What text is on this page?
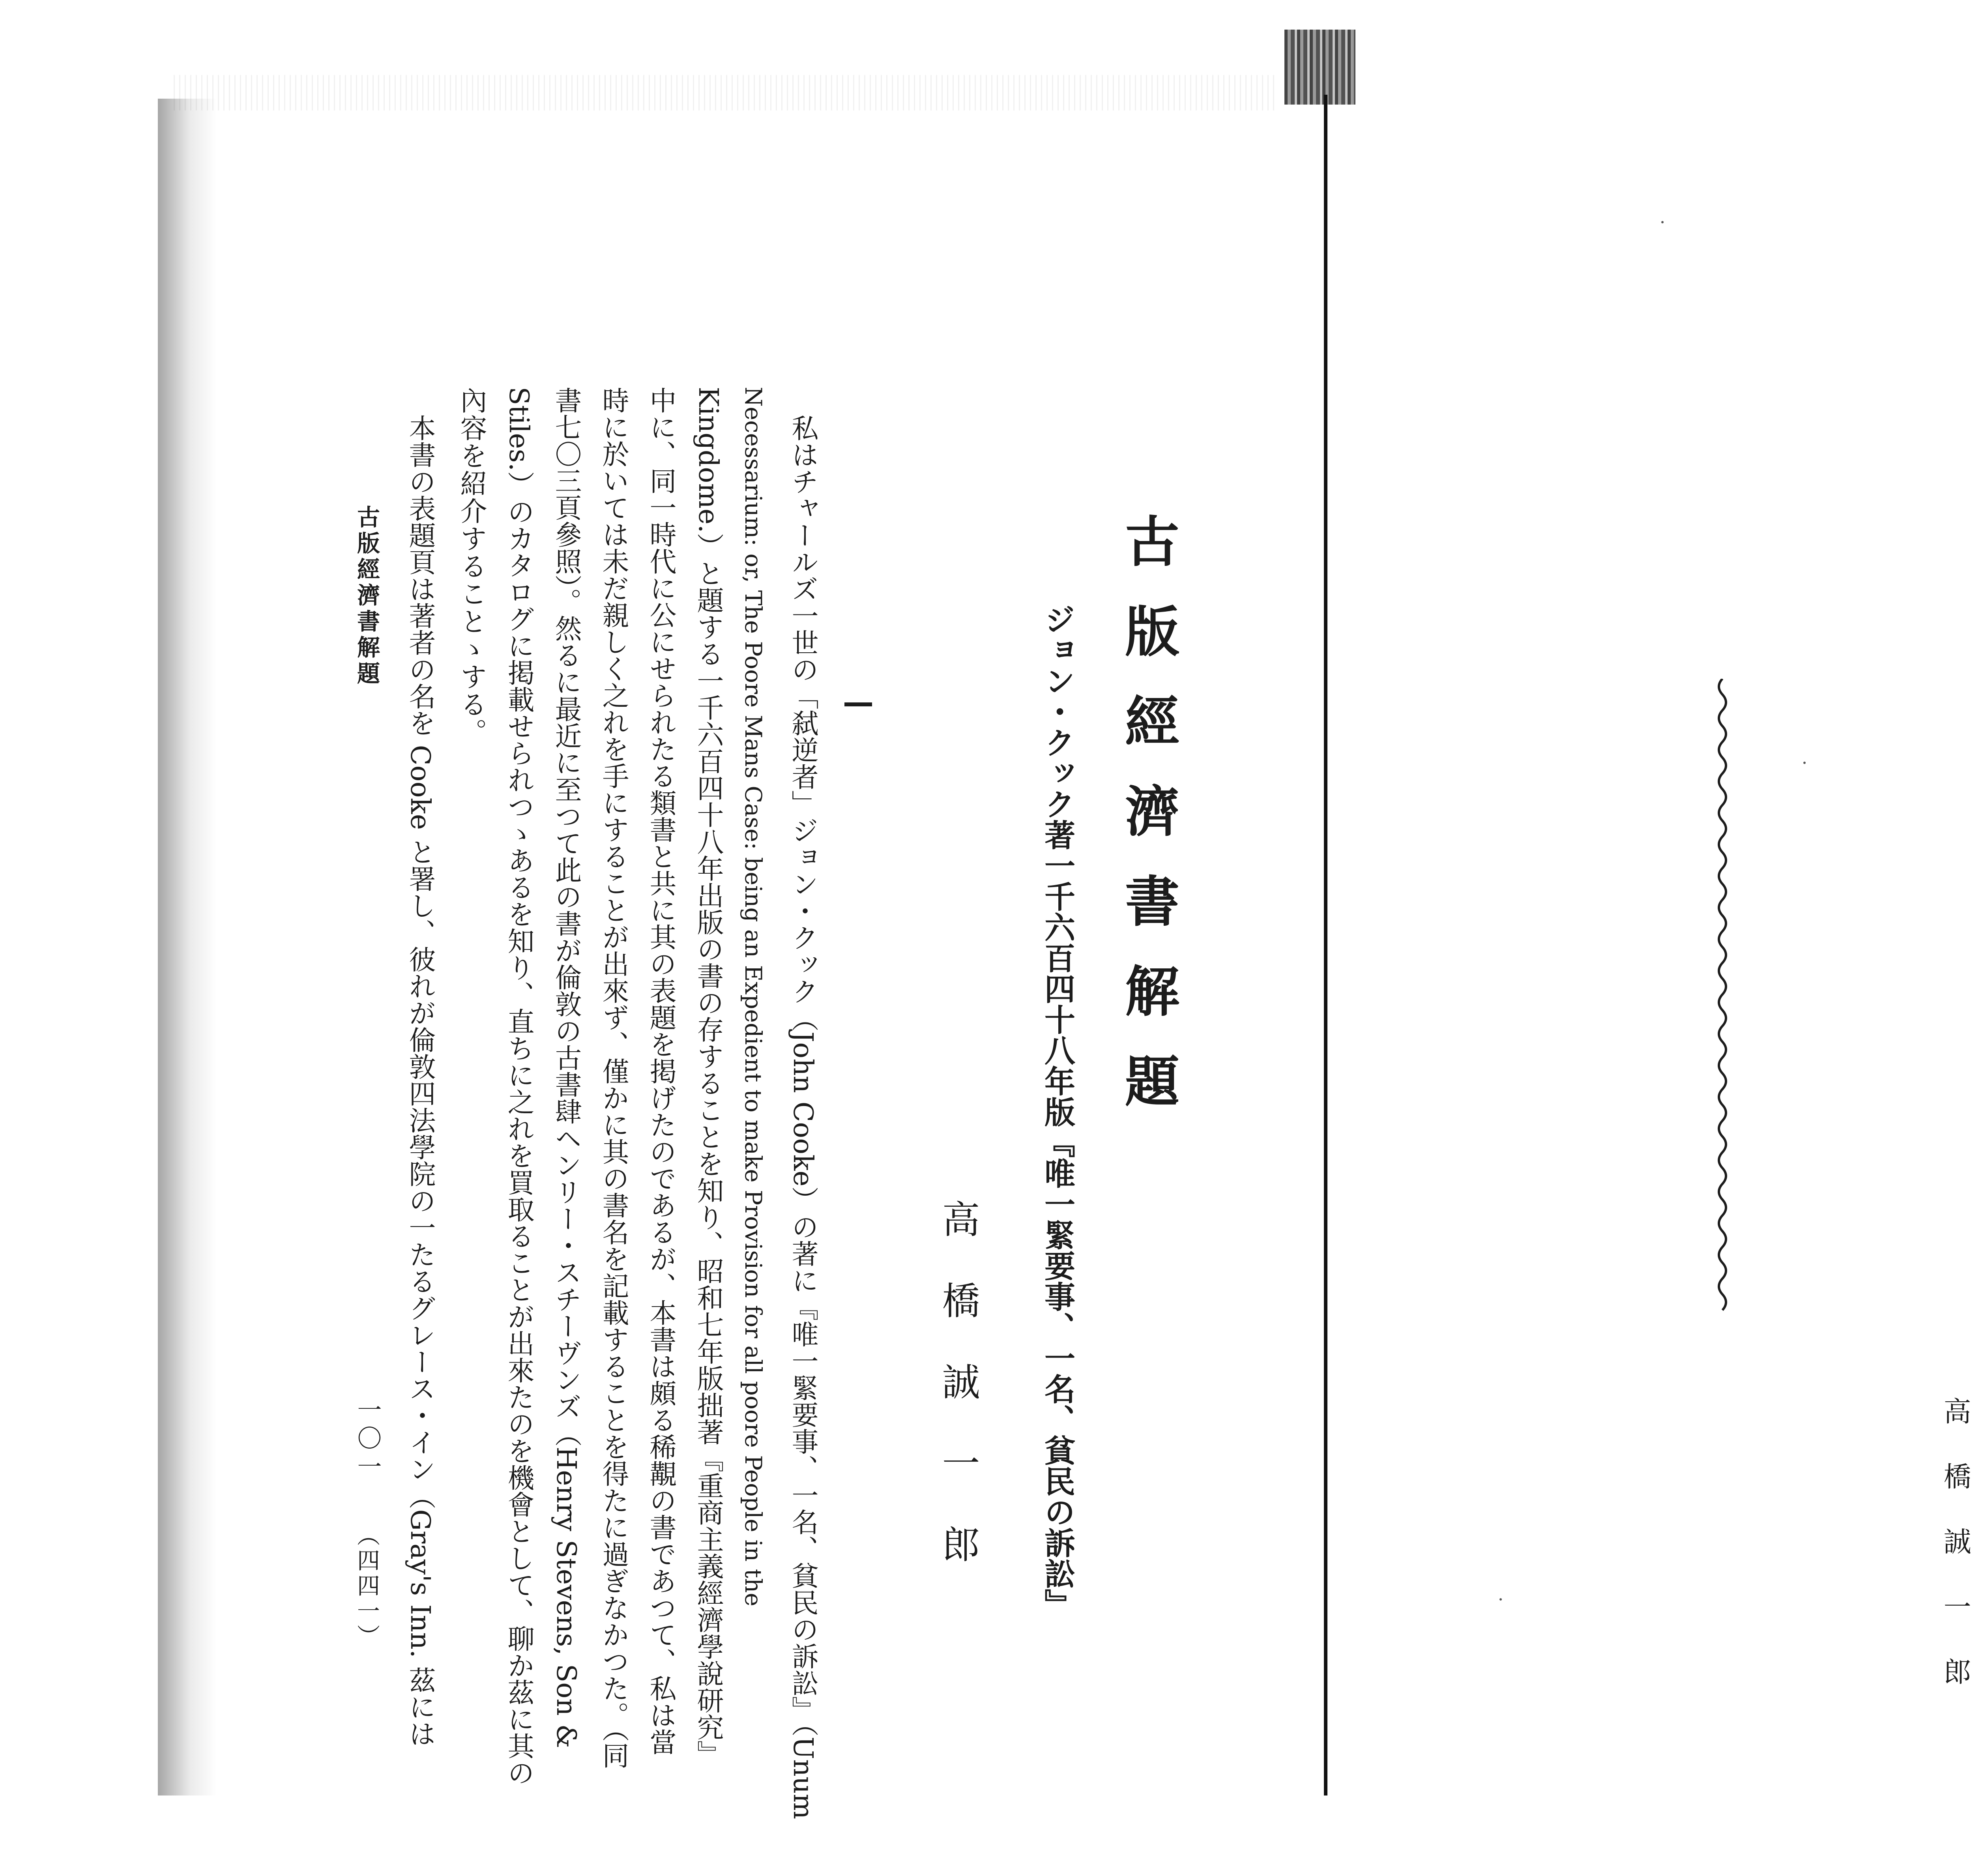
高橋誠一郎
古版經濟書解題
ジョン・クック著一千六百四十八年版『唯一緊要事、一名、貧民の訴訟』
高橋誠一郎
私はチャールズ一世の「弑逆者」ジョン・クック（John Cooke）の著に『唯一緊要事、一名、貧民の訴訟』（Unum
Necessarium: or, The Poore Mans Case: being an Expedient to make Provision for all poore People in the
Kingdome.）と題する一千六百四十八年出版の書の存することを知り、昭和七年版拙著『重商主義經濟學說研究』
中に、同一時代に公にせられたる類書と共に其の表題を掲げたのであるが、本書は頗る稀覯の書であつて、私は當
時に於いては未だ親しく之れを手にすることが出來ず、僅かに其の書名を記載することを得たに過ぎなかつた。（同
書七〇三頁參照）。然るに最近に至つて此の書が倫敦の古書肆ヘンリー・スチーヴンズ（Henry Stevens, Son &
Stiles.）のカタログに掲載せられつゝあるを知り、直ちに之れを買取ることが出來たのを機會として、聊か茲に其の
內容を紹介することゝする。
本書の表題頁は著者の名を Cooke と署し、彼れが倫敦四法學院の一たるグレース・イン（Gray's Inn. 茲には
古版經濟書解題
一〇一
（四四一）
